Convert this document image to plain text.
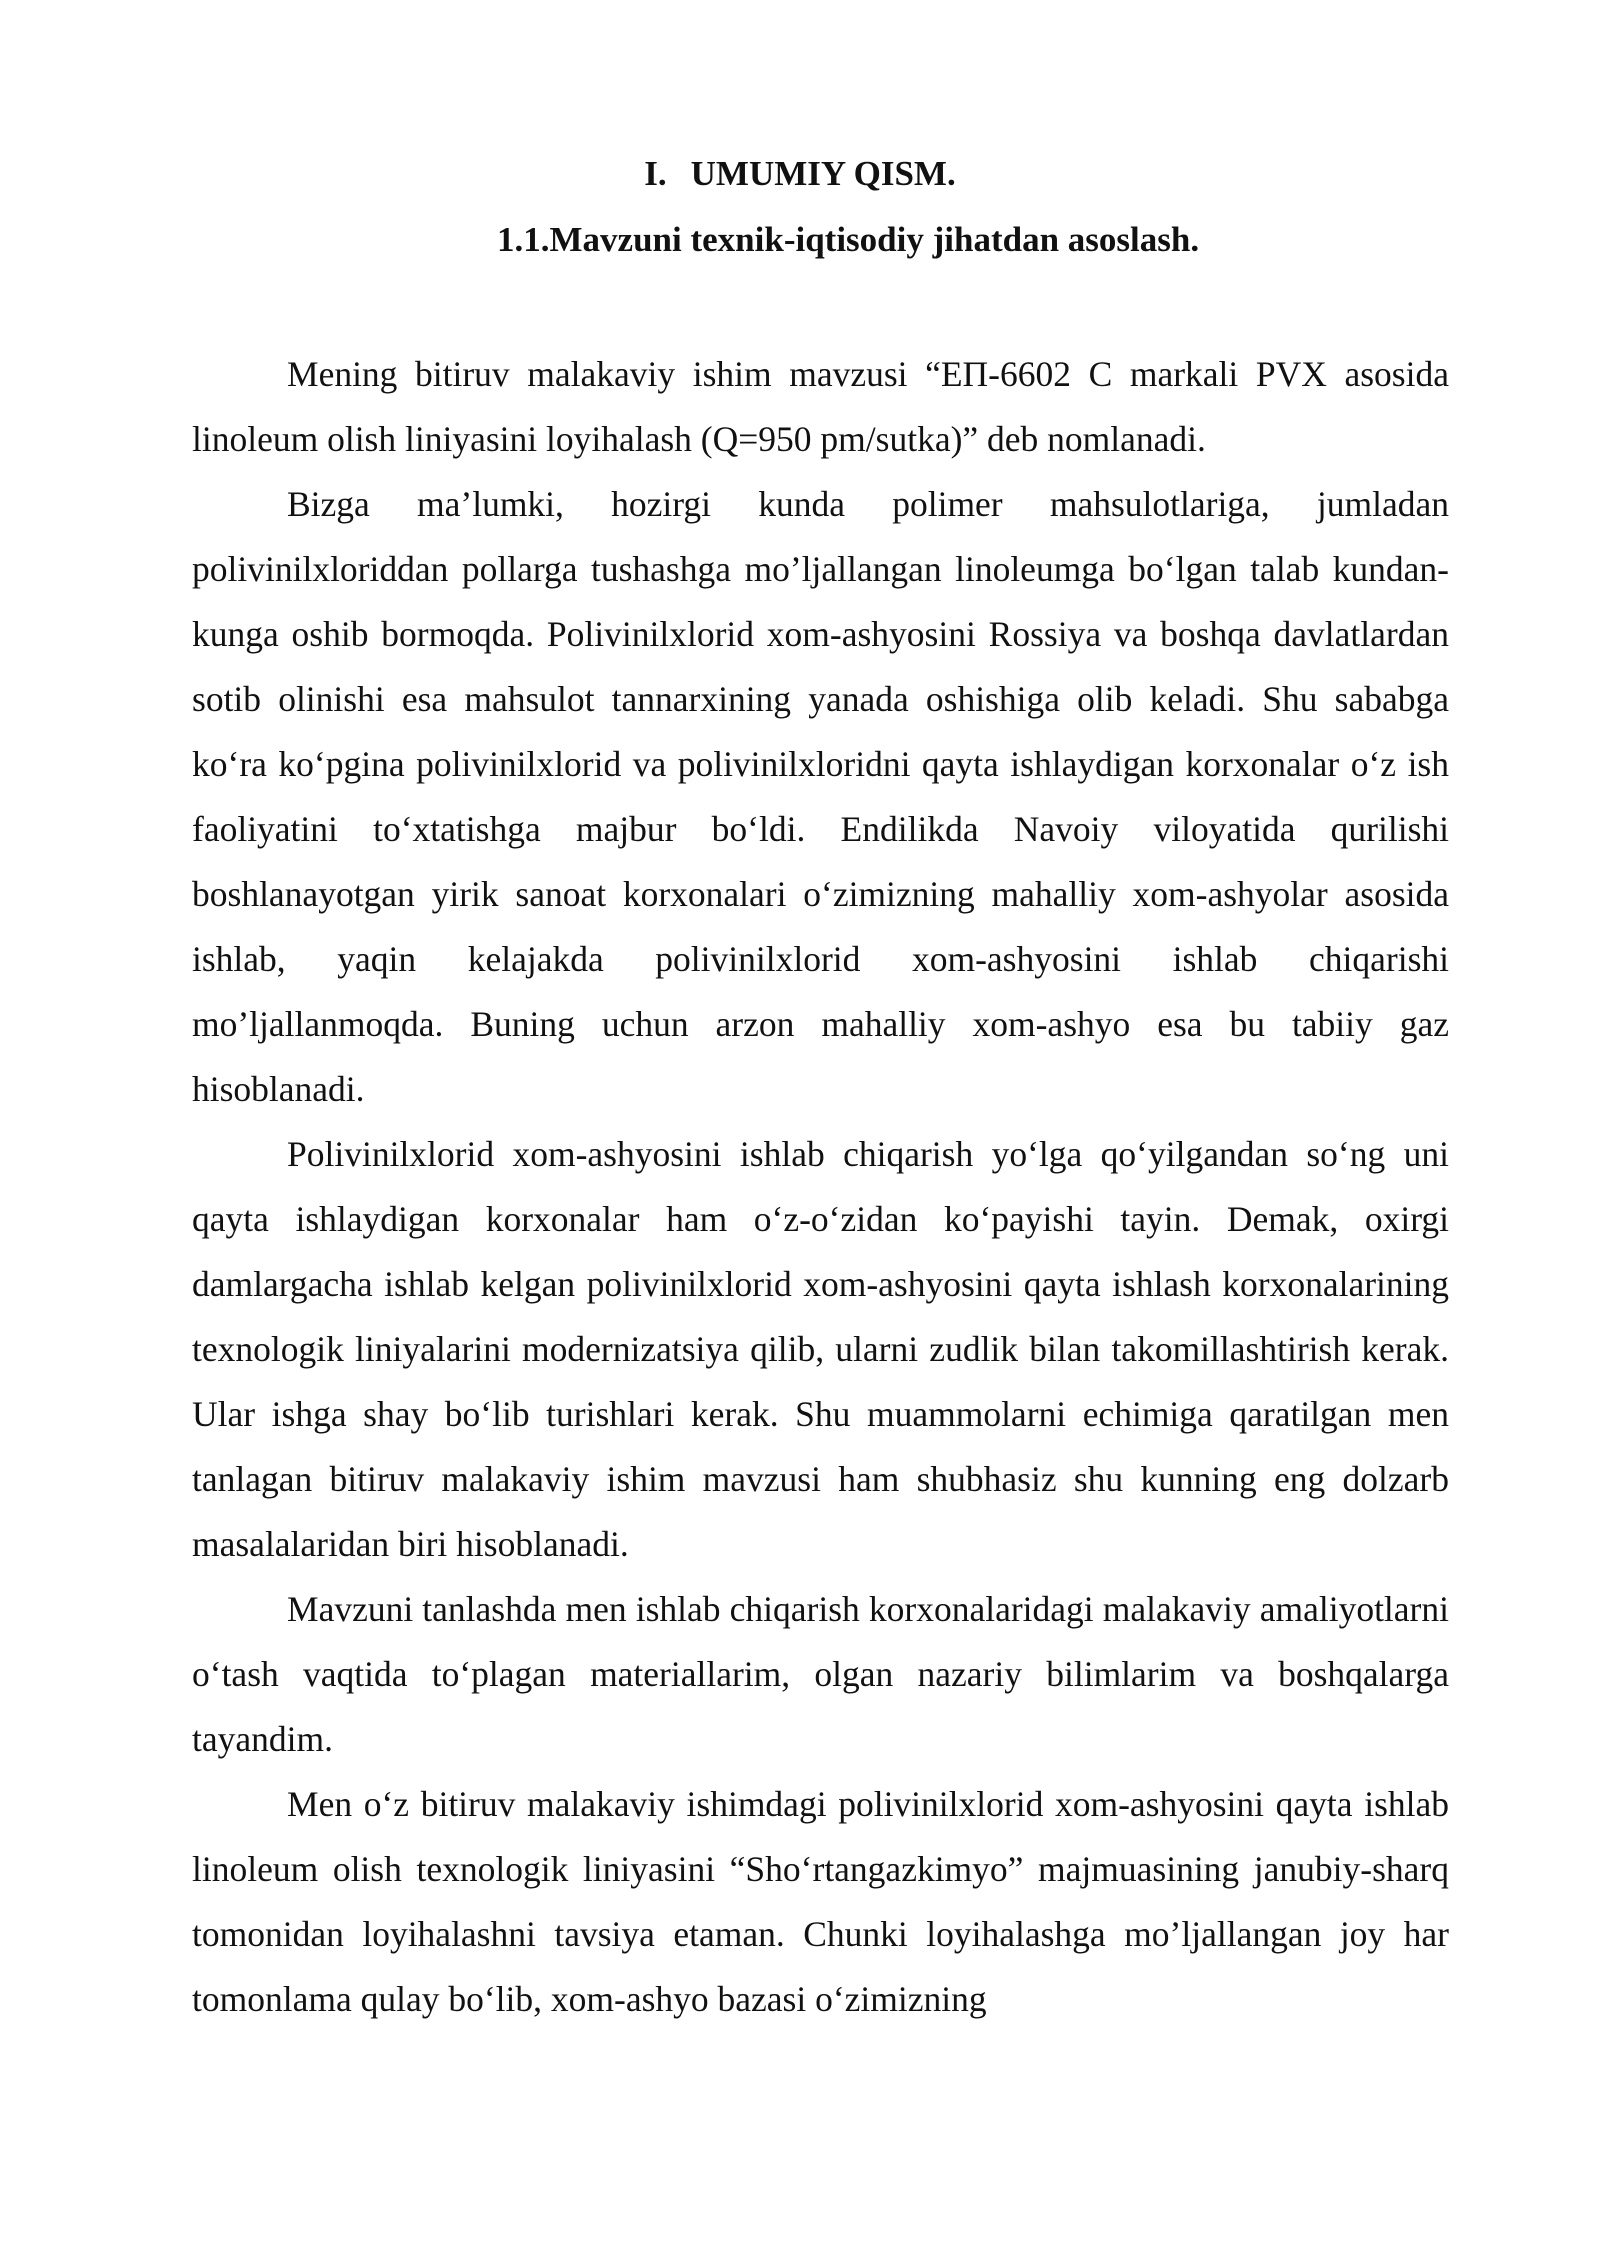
I. UMUMIY QISM.
1.1.Mavzuni texnik-iqtisodiy jihatdan asoslash.

Mening bitiruv malakaviy ishim mavzusi “ЕП-6602 C markali PVX asosida linoleum olish liniyasini loyihalash (Q=950 pm/sutka)” deb nomlanadi.

Bizga ma’lumki, hozirgi kunda polimer mahsulotlariga, jumladan polivinilxloriddan pollarga tushashga mo’ljallangan linoleumga bo‘lgan talab kundan-kunga oshib bormoqda. Polivinilxlorid xom-ashyosini Rossiya va boshqa davlatlardan sotib olinishi esa mahsulot tannarxining yanada oshishiga olib keladi. Shu sababga ko‘ra ko‘pgina polivinilxlorid va polivinilxloridni qayta ishlaydigan korxonalar o‘z ish faoliyatini to‘xtatishga majbur bo‘ldi. Endilikda Navoiy viloyatida qurilishi boshlanayotgan yirik sanoat korxonalari o‘zimizning mahalliy xom-ashyolar asosida ishlab, yaqin kelajakda polivinilxlorid xom-ashyosini ishlab chiqarishi mo’ljallanmoqda. Buning uchun arzon mahalliy xom-ashyo esa bu tabiiy gaz hisoblanadi.

Polivinilxlorid xom-ashyosini ishlab chiqarish yo‘lga qo‘yilgandan so‘ng uni qayta ishlaydigan korxonalar ham o‘z-o‘zidan ko‘payishi tayin. Demak, oxirgi damlargacha ishlab kelgan polivinilxlorid xom-ashyosini qayta ishlash korxonalarining texnologik liniyalarini modernizatsiya qilib, ularni zudlik bilan takomillashtirish kerak. Ular ishga shay bo‘lib turishlari kerak. Shu muammolarni echimiga qaratilgan men tanlagan bitiruv malakaviy ishim mavzusi ham shubhasiz shu kunning eng dolzarb masalalaridan biri hisoblanadi.

Mavzuni tanlashda men ishlab chiqarish korxonalaridagi malakaviy amaliyotlarni o‘tash vaqtida to‘plagan materiallarim, olgan nazariy bilimlarim va boshqalarga tayandim.

Men o‘z bitiruv malakaviy ishimdagi polivinilxlorid xom-ashyosini qayta ishlab linoleum olish texnologik liniyasini “Sho‘rtangazkimyo” majmuasining janubiy-sharq tomonidan loyihalashni tavsiya etaman. Chunki loyihalashga mo’ljallangan joy har tomonlama qulay bo‘lib, xom-ashyo bazasi o‘zimizning
